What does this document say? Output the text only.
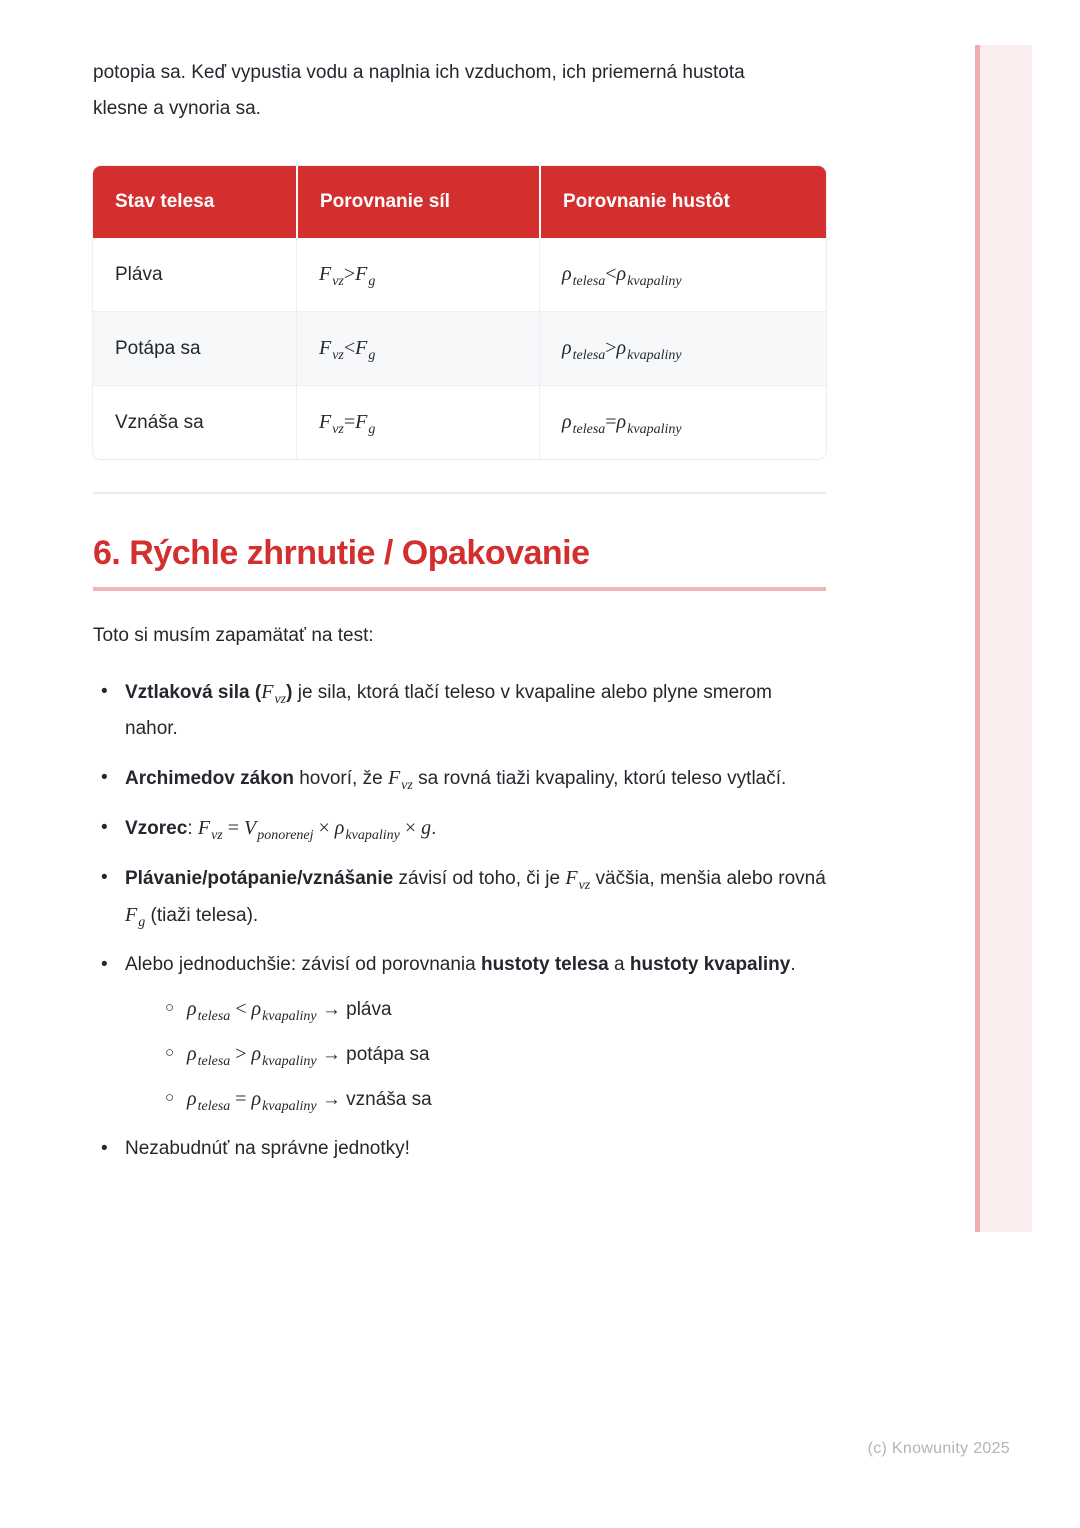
potopia sa. Keď vypustia vodu a naplnia ich vzduchom, ich priemerná hustota klesne a vynoria sa.

Stav telesa	Porovnanie síl	Porovnanie hustôt
Pláva	$F_{vz} > F_g$	$\rho_{telesa} < \rho_{kvapaliny}$
Potápa sa	$F_{vz} < F_g$	$\rho_{telesa} > \rho_{kvapaliny}$
Vznáša sa	$F_{vz} = F_g$	$\rho_{telesa} = \rho_{kvapaliny}$
6. Rýchle zhrnutie / Opakovanie

Toto si musím zapamätať na test:

• Vztlaková sila $(F_{vz})$ je sila, ktorá tlačí teleso v kvapaline alebo plyne smerom nahor.
• Archimedov zákon hovorí, že $F_{vz}$ sa rovná tiaži kvapaliny, ktorú teleso vytlačí.
• Vzorec: $F_{vz} = V_{ponorenej} \times \rho_{kvapaliny} \times g$.
• Plávanie/potápanie/vznášanie závisí od toho, či je $F_{vz}$ väčšia, menšia alebo rovná $F_g$ (tiaži telesa).
• Alebo jednoduchšie: závisí od porovnania hustoty telesa a hustoty kvapaliny.
○ $\rho_{telesa} < \rho_{kvapaliny}$ → pláva
○ $\rho_{telesa} > \rho_{kvapaliny}$ → potápa sa
○ $\rho_{telesa} = \rho_{kvapaliny}$ → vznáša sa
• Nezabudnúť na správne jednotky!
(c) Knowunity 2025
